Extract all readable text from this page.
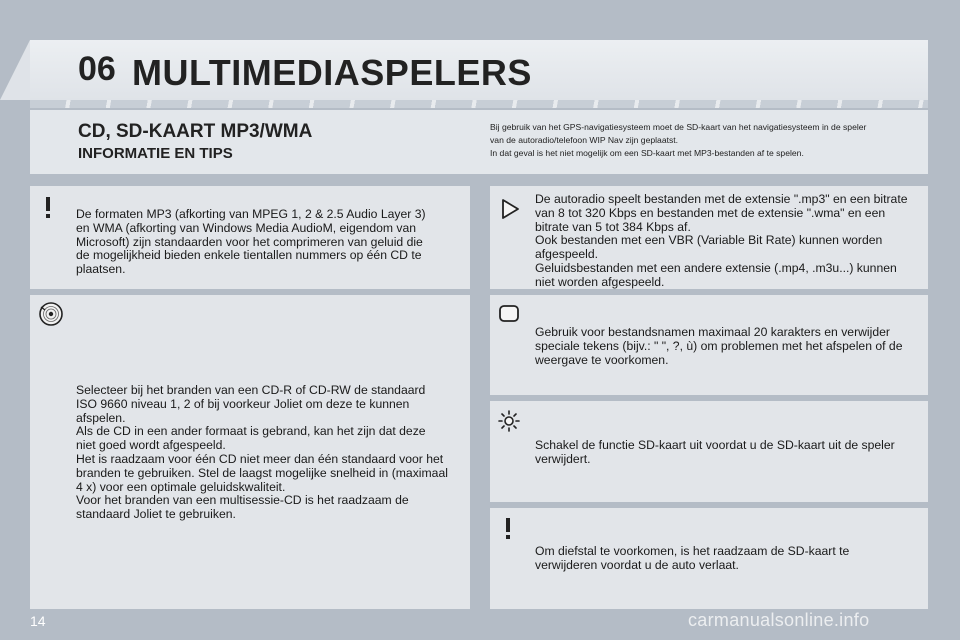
06 MULTIMEDIASPELERS
CD, SD-KAART MP3/WMA
INFORMATIE EN TIPS
Bij gebruik van het GPS-navigatiesysteem moet de SD-kaart van het navigatiesysteem in de speler
van de autoradio/telefoon WIP Nav zijn geplaatst.
In dat geval is het niet mogelijk om een SD-kaart met MP3-bestanden af te spelen.

De formaten MP3 (afkorting van MPEG 1, 2 & 2.5 Audio Layer 3)

en WMA (afkorting van Windows Media AudioM, eigendom van

Microsoft) zijn standaarden voor het comprimeren van geluid die

de mogelijkheid bieden enkele tientallen nummers op één CD te

plaatsen.

Selecteer bij het branden van een CD-R of CD-RW de standaard

ISO 9660 niveau 1, 2 of bij voorkeur Joliet om deze te kunnen

afspelen.

Als de CD in een ander formaat is gebrand, kan het zijn dat deze

niet goed wordt afgespeeld.

Het is raadzaam voor één CD niet meer dan één standaard voor het

branden te gebruiken. Stel de laagst mogelijke snelheid in (maximaal

4 x) voor een optimale geluidskwaliteit.

Voor het branden van een multisessie-CD is het raadzaam de

standaard Joliet te gebruiken.

De autoradio speelt bestanden met de extensie ".mp3" en een bitrate

van 8 tot 320 Kbps en bestanden met de extensie ".wma" en een

bitrate van 5 tot 384 Kbps af.

Ook bestanden met een VBR (Variable Bit Rate) kunnen worden

afgespeeld.

Geluidsbestanden met een andere extensie (.mp4, .m3u...) kunnen

niet worden afgespeeld.

Gebruik voor bestandsnamen maximaal 20 karakters en verwijder

speciale tekens (bijv.: " ", ?, ù) om problemen met het afspelen of de

weergave te voorkomen.

Schakel de functie SD-kaart uit voordat u de SD-kaart uit de speler

verwijdert.

Om diefstal te voorkomen, is het raadzaam de SD-kaart te

verwijderen voordat u de auto verlaat.

14	carmanualsonline.info
